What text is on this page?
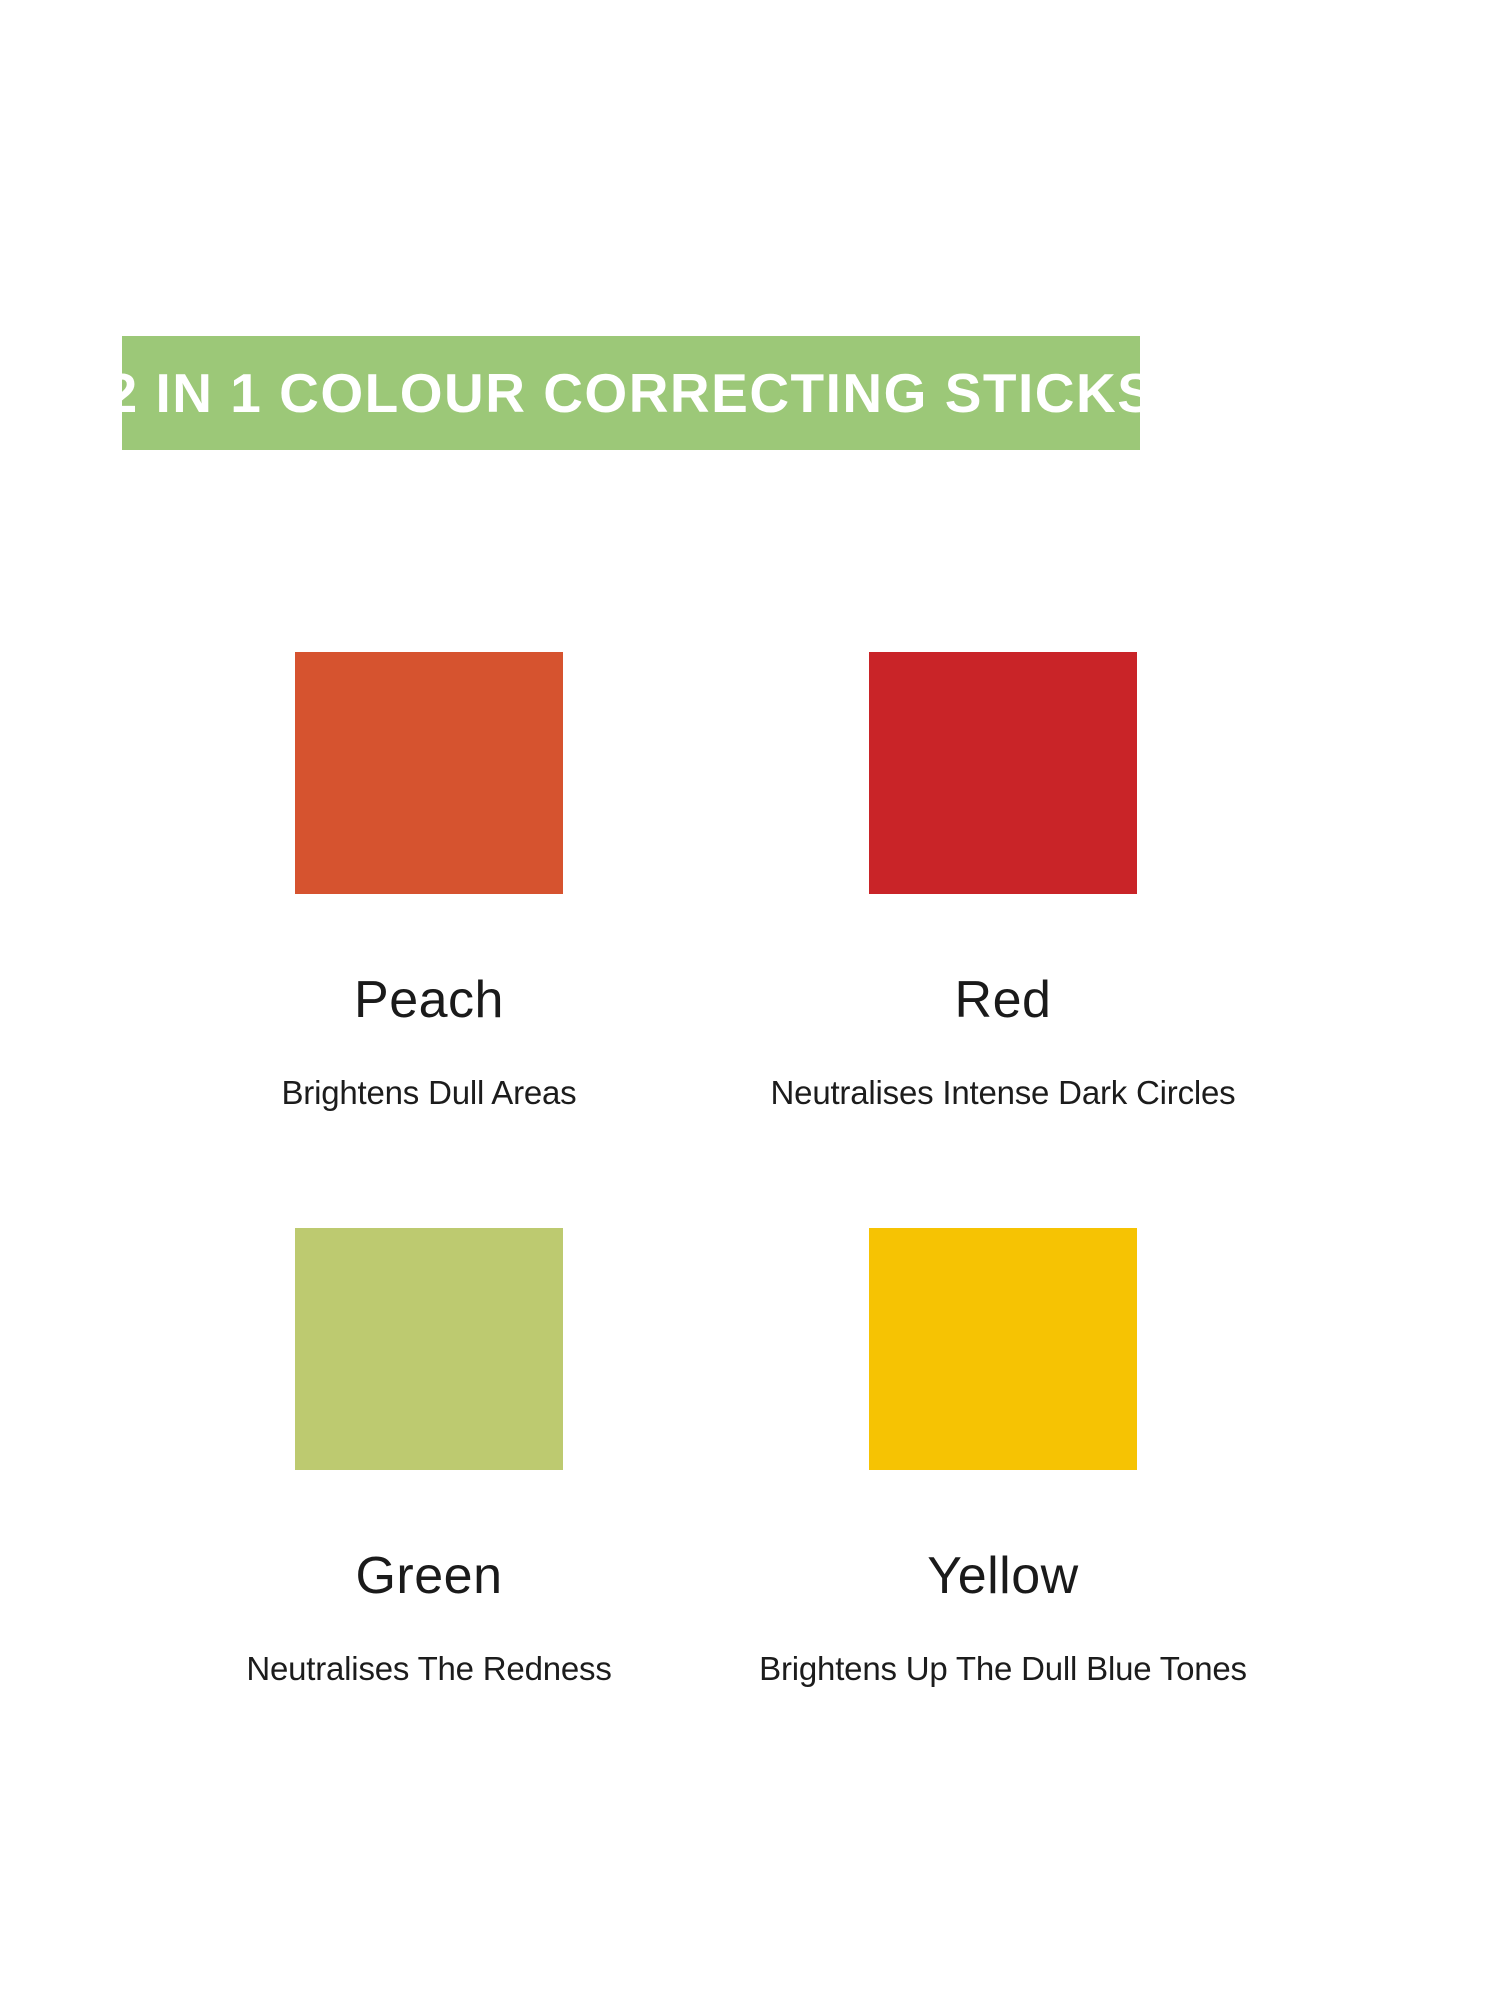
2 IN 1 COLOUR CORRECTING STICKS
Peach

Brightens Dull Areas

Red

Neutralises Intense Dark Circles

Green

Neutralises The Redness

Yellow

Brightens Up The Dull Blue Tones
